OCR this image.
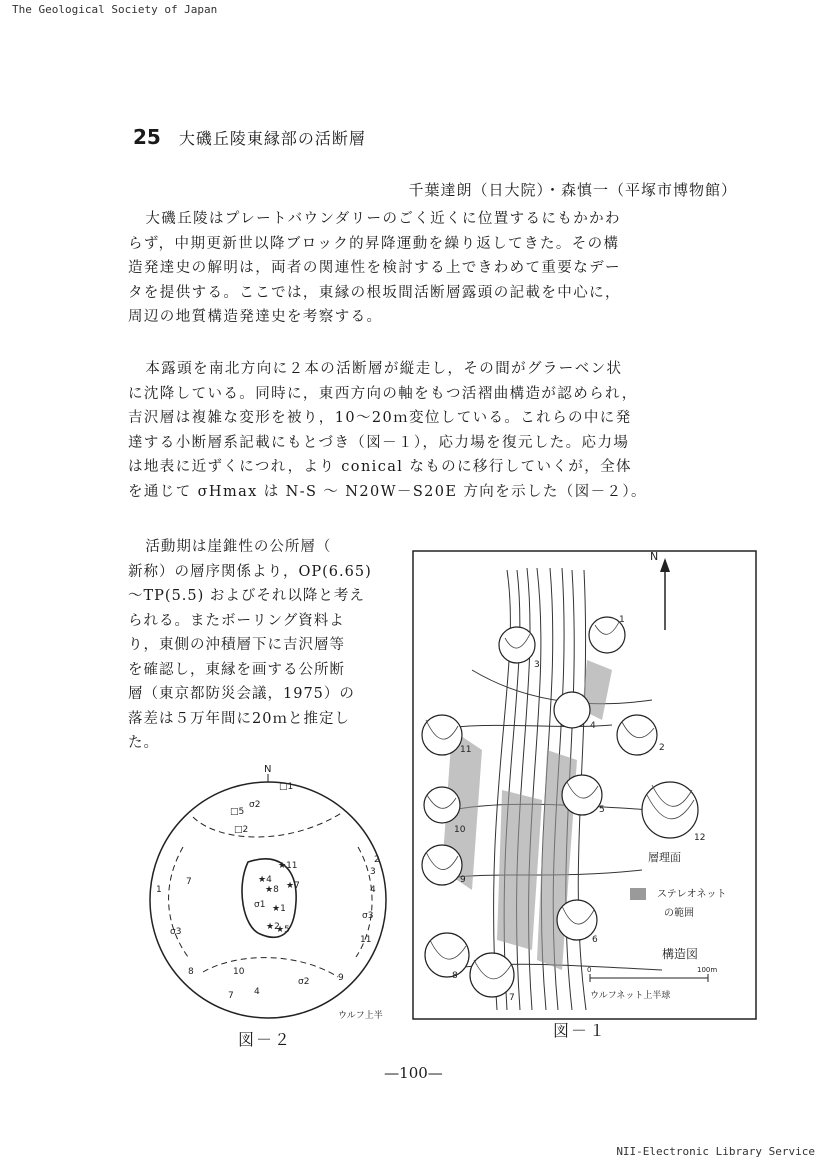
The Geological Society of Japan
25 大磯丘陵東縁部の活断層
千葉達朗（日大院）・森慎一（平塚市博物館）
大磯丘陵はプレートバウンダリーのごく近くに位置するにもかかわ
らず，中期更新世以降ブロック的昇降運動を繰り返してきた。その構
造発達史の解明は，両者の関連性を検討する上できわめて重要なデー
タを提供する。ここでは，東縁の根坂間活断層露頭の記載を中心に，
周辺の地質構造発達史を考察する。
本露頭を南北方向に２本の活断層が縦走し，その間がグラーベン状
に沈降している。同時に，東西方向の軸をもつ活褶曲構造が認められ，
吉沢層は複雑な変形を被り，10～20ｍ変位している。これらの中に発
達する小断層系記載にもとづき（図－１），応力場を復元した。応力場
は地表に近ずくにつれ，より conical なものに移行していくが，全体
を通じて σHmax は N-S ～ N20W－S20E 方向を示した（図－２）。
活動期は崖錐性の公所層（
新称）の層序関係より，OP(6.65)
～TP(5.5) およびそれ以降と考え
られる。またボーリング資料よ
り，東側の沖積層下に吉沢層等
を確認し，東縁を画する公所断
層（東京都防災会議，1975）の
落差は５万年間に20ｍと推定し
た。
N
1
2
3
5
6
7
8
9
10
11
12
4
層理面
ステレオネット
の範囲
構造図
0	100m
ウルフネット上半球
図－１
N
σ2
□5
□1
□2
★11
★4
★8 ★7
★1
σ1
★2
★5
1
7
σ3
8
2
3
4
σ3
11
10
4
σ2	9
ウルフ上半
7
図－２
—100—
NII-Electronic Library Service
